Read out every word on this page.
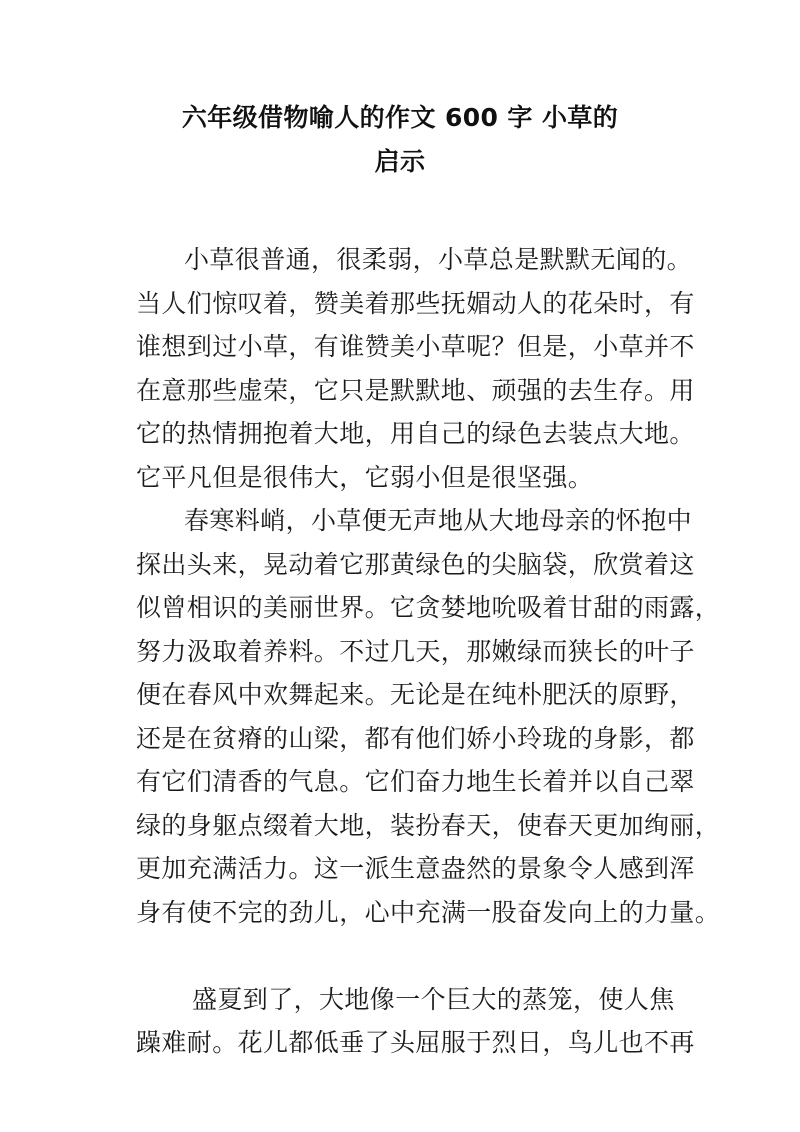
六年级借物喻人的作文 600 字 小草的
启示
小草很普通，很柔弱，小草总是默默无闻的。
当人们惊叹着，赞美着那些抚媚动人的花朵时，有
谁想到过小草，有谁赞美小草呢？但是，小草并不
在意那些虚荣，它只是默默地、顽强的去生存。用
它的热情拥抱着大地，用自己的绿色去装点大地。
它平凡但是很伟大，它弱小但是很坚强。
春寒料峭，小草便无声地从大地母亲的怀抱中
探出头来，晃动着它那黄绿色的尖脑袋，欣赏着这
似曾相识的美丽世界。它贪婪地吮吸着甘甜的雨露，
努力汲取着养料。不过几天，那嫩绿而狭长的叶子
便在春风中欢舞起来。无论是在纯朴肥沃的原野，
还是在贫瘠的山梁，都有他们娇小玲珑的身影，都
有它们清香的气息。它们奋力地生长着并以自己翠
绿的身躯点缀着大地，装扮春天，使春天更加绚丽，
更加充满活力。这一派生意盎然的景象令人感到浑
身有使不完的劲儿，心中充满一股奋发向上的力量。
盛夏到了，大地像一个巨大的蒸笼，使人焦
躁难耐。花儿都低垂了头屈服于烈日，鸟儿也不再
